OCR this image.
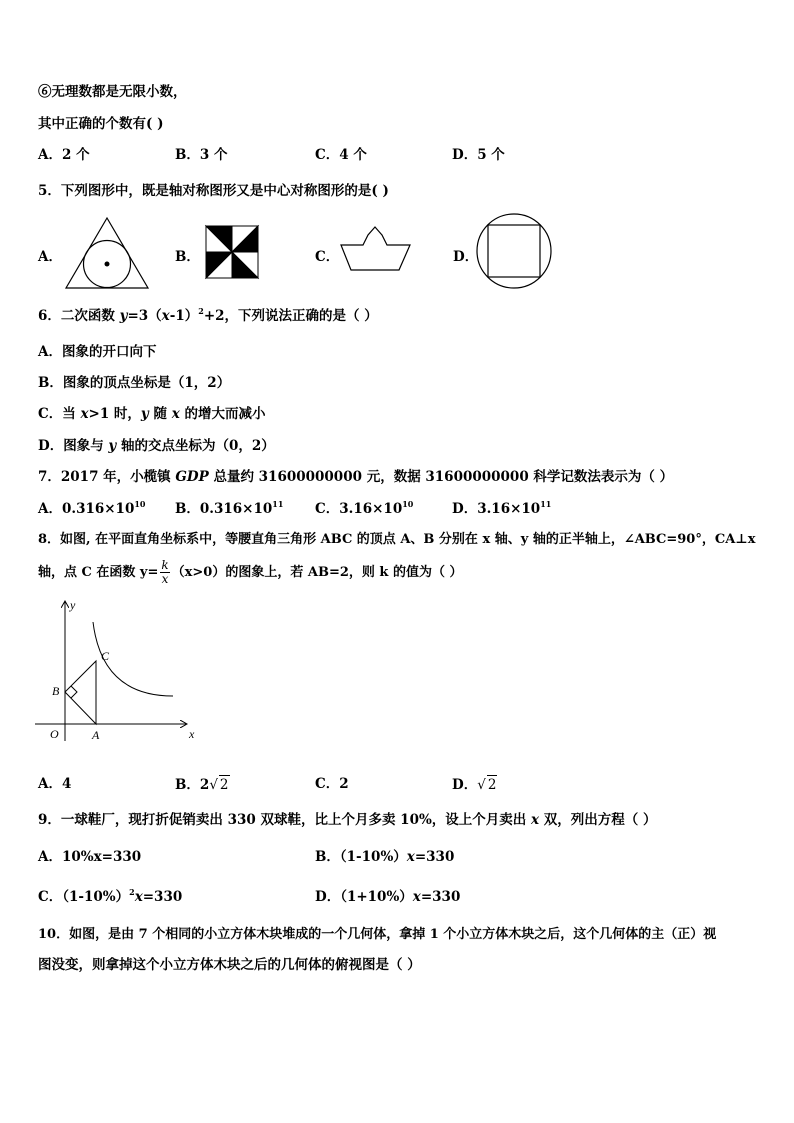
⑥无理数都是无限小数，
其中正确的个数有( )
A．2 个	B．3 个	C．4 个	D．5 个
5．下列图形中，既是轴对称图形又是中心对称图形的是( )
A．	B．	C．	D．
6．二次函数 $y=3(x-1)^2+2$，下列说法正确的是（ ）
A．图象的开口向下
B．图象的顶点坐标是（1，2）
C．当 x>1 时，y 随 x 的增大而减小
D．图象与 y 轴的交点坐标为（0，2）
7．2017 年，小榄镇 GDP 总量约 31600000000 元，数据 31600000000 科学记数法表示为（ ）
A．$0.316\times 10^{10}$ B．$0.316\times 10^{11}$ C．$3.16\times 10^{10}$	D．$3.16\times 10^{11}$
8．如图, 在平面直角坐标系中，等腰直角三角形 ABC 的顶点 A、B 分别在 x 轴、y 轴的正半轴上，∠ABC=90°，CA⊥x
轴，点 C 在函数 $y= \frac{k}{x} (x>0)$的图象上，若 AB=2，则 k 的值为（ ）
y
x
O	A
B
C
A．4	B．2√ 2	C．2	D．√ 2
9．一球鞋厂，现打折促销卖出 330 双球鞋，比上个月多卖 10%，设上个月卖出 x 双，列出方程（ ）
A．10%x=330	B．（1-10%）x=330
C．$(1-10\%)^2x=330$	D．（1+10%）x=330
10．如图，是由 7 个相同的小立方体木块堆成的一个几何体，拿掉 1 个小立方体木块之后，这个几何体的主（正）视
图没变，则拿掉这个小立方体木块之后的几何体的俯视图是（ ）
